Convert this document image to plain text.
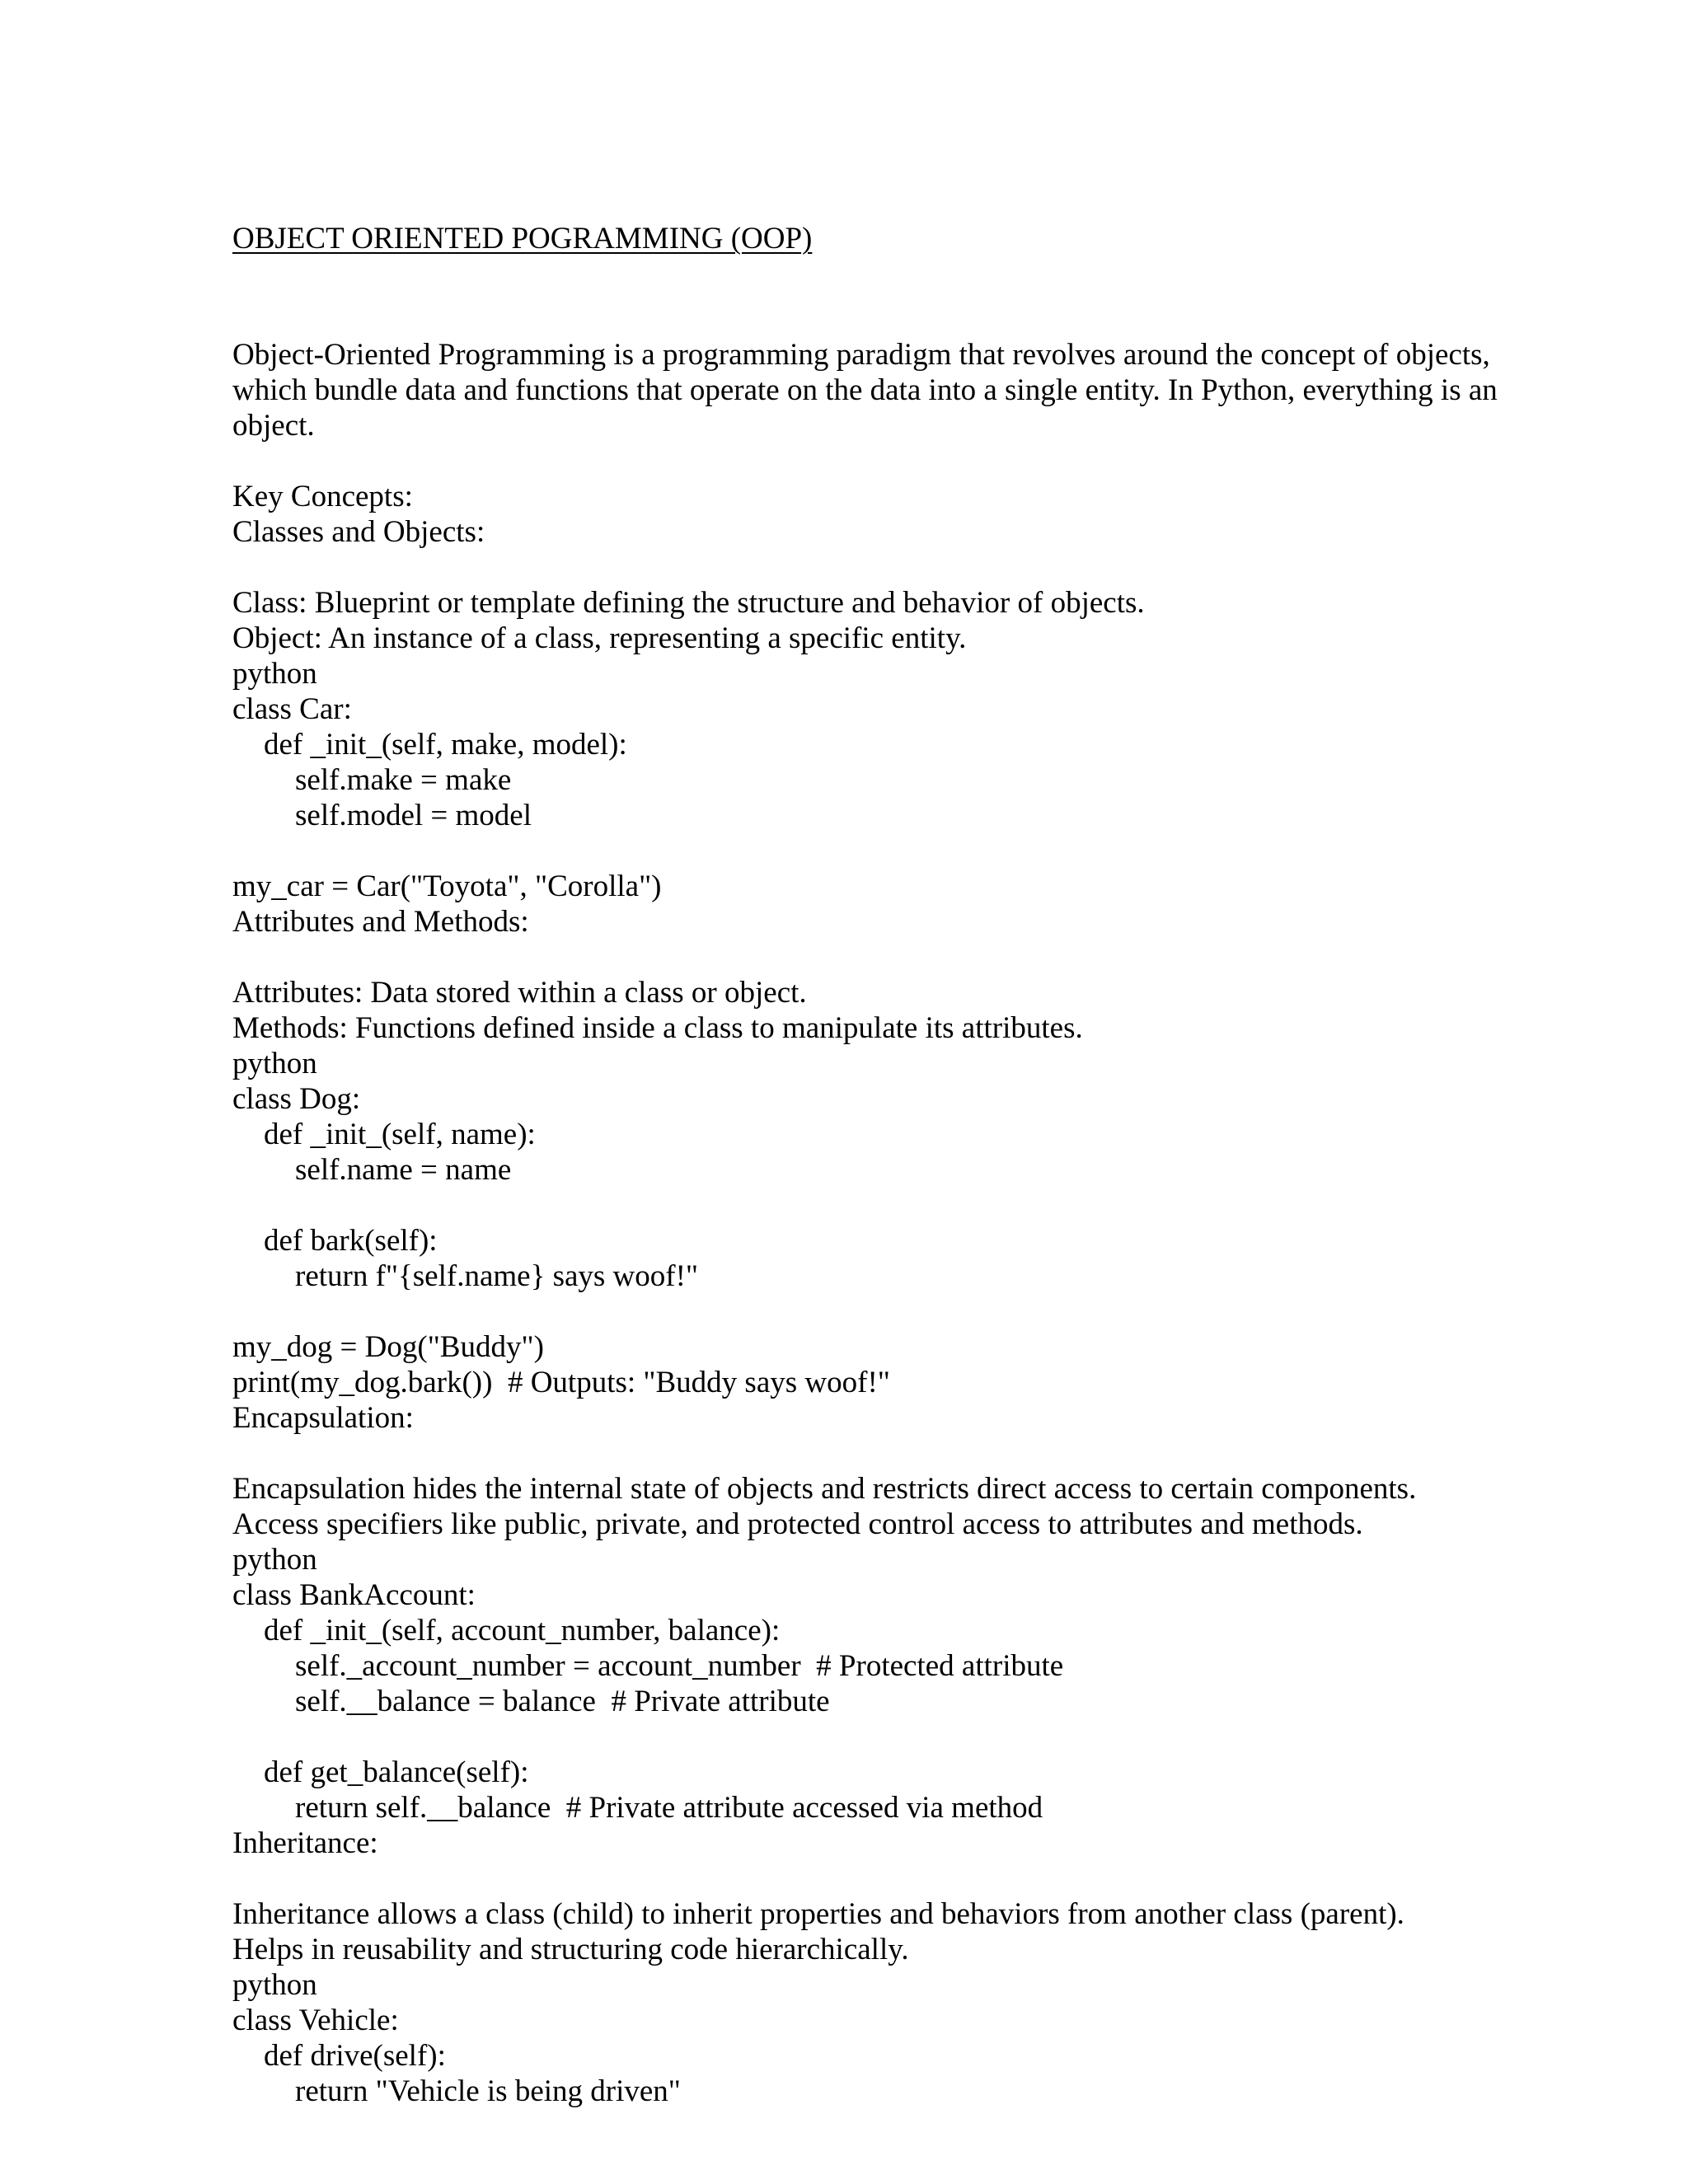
OBJECT ORIENTED POGRAMMING (OOP)
Object-Oriented Programming is a programming paradigm that revolves around the concept of objects,
which bundle data and functions that operate on the data into a single entity. In Python, everything is an
object.
Key Concepts:
Classes and Objects:
Class: Blueprint or template defining the structure and behavior of objects.
Object: An instance of a class, representing a specific entity.
python
class Car:
def _init_(self, make, model):
self.make = make
self.model = model
my_car = Car("Toyota", "Corolla")
Attributes and Methods:
Attributes: Data stored within a class or object.
Methods: Functions defined inside a class to manipulate its attributes.
python
class Dog:
def _init_(self, name):
self.name = name
def bark(self):
return f"{self.name} says woof!"
my_dog = Dog("Buddy")
print(my_dog.bark())  # Outputs: "Buddy says woof!"
Encapsulation:
Encapsulation hides the internal state of objects and restricts direct access to certain components.
Access specifiers like public, private, and protected control access to attributes and methods.
python
class BankAccount:
def _init_(self, account_number, balance):
self._account_number = account_number  # Protected attribute
self.__balance = balance  # Private attribute
def get_balance(self):
return self.__balance  # Private attribute accessed via method
Inheritance:
Inheritance allows a class (child) to inherit properties and behaviors from another class (parent).
Helps in reusability and structuring code hierarchically.
python
class Vehicle:
def drive(self):
return "Vehicle is being driven"
